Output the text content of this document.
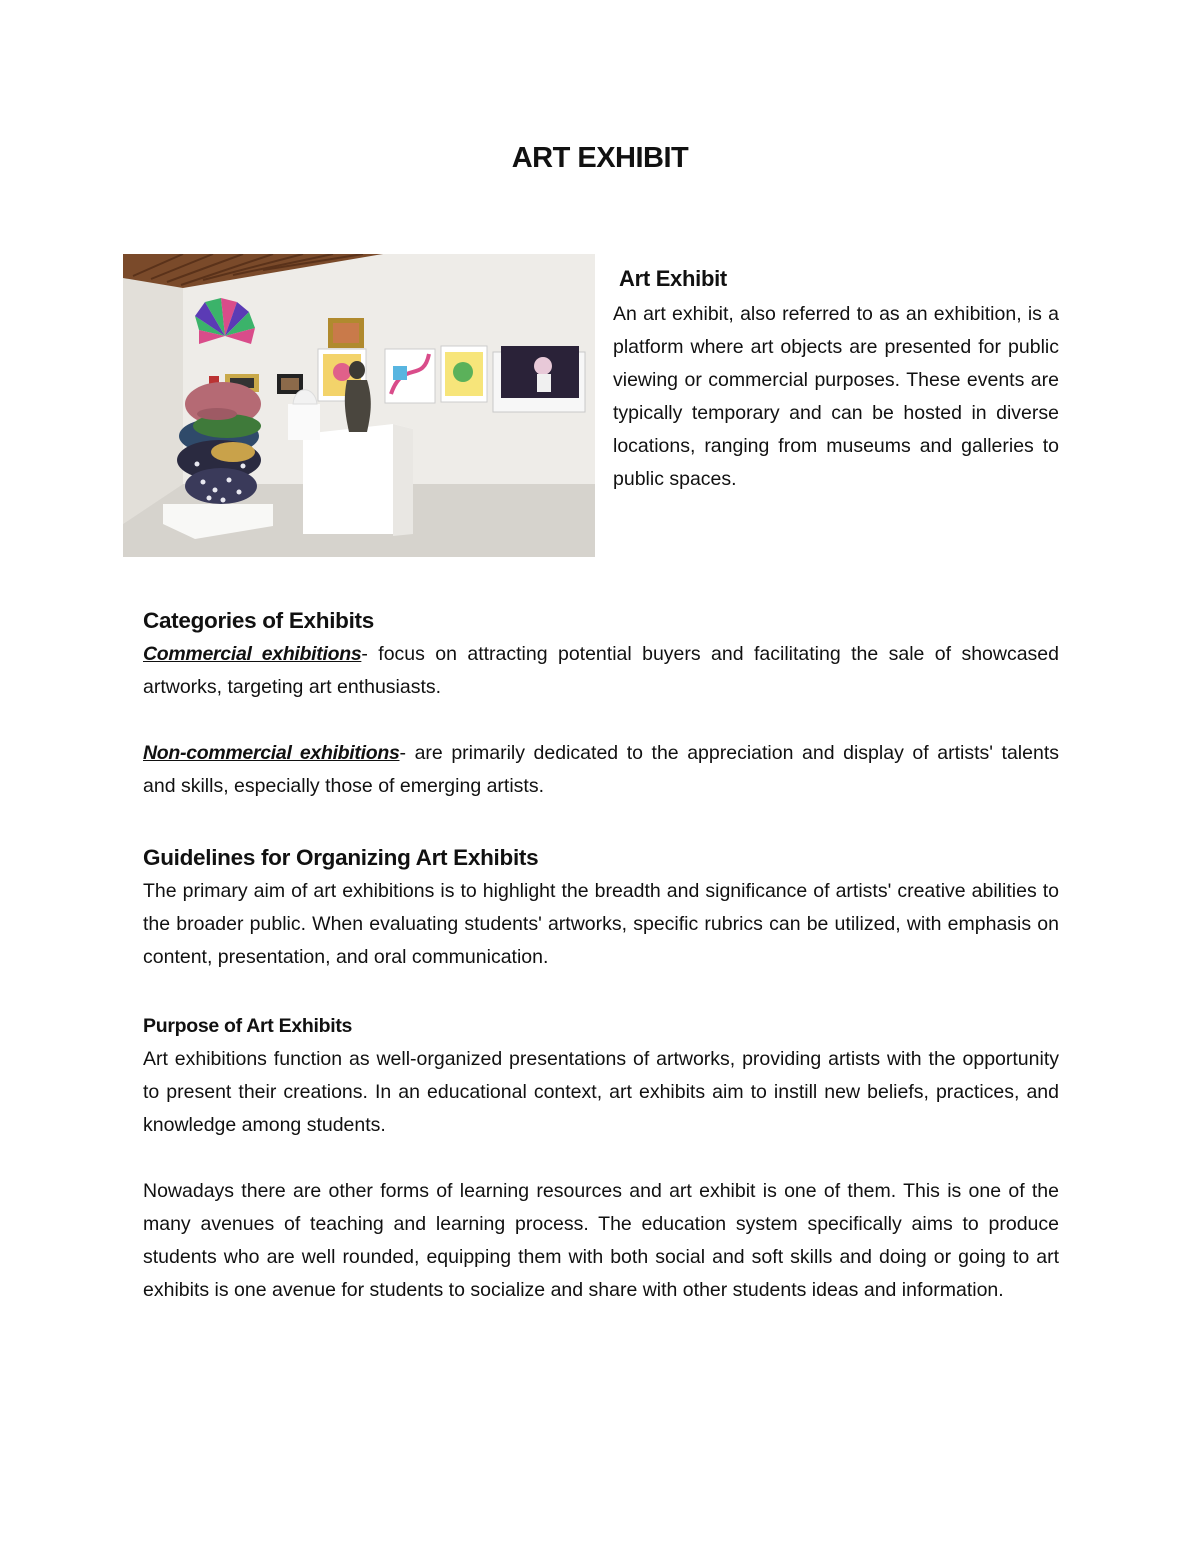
ART EXHIBIT
Art Exhibit

An art exhibit, also referred to as an exhibition, is a platform where art objects are presented for public viewing or commercial purposes. These events are typically temporary and can be hosted in diverse locations, ranging from museums and galleries to public spaces.

Categories of Exhibits

Commercial exhibitions- focus on attracting potential buyers and facilitating the sale of showcased artworks, targeting art enthusiasts.

Non-commercial exhibitions- are primarily dedicated to the appreciation and display of artists' talents and skills, especially those of emerging artists.

Guidelines for Organizing Art Exhibits

The primary aim of art exhibitions is to highlight the breadth and significance of artists' creative abilities to the broader public. When evaluating students' artworks, specific rubrics can be utilized, with emphasis on content, presentation, and oral communication.

Purpose of Art Exhibits

Art exhibitions function as well-organized presentations of artworks, providing artists with the opportunity to present their creations. In an educational context, art exhibits aim to instill new beliefs, practices, and knowledge among students.

Nowadays there are other forms of learning resources and art exhibit is one of them. This is one of the many avenues of teaching and learning process. The education system specifically aims to produce students who are well rounded, equipping them with both social and soft skills and doing or going to art exhibits is one avenue for students to socialize and share with other students ideas and information.
